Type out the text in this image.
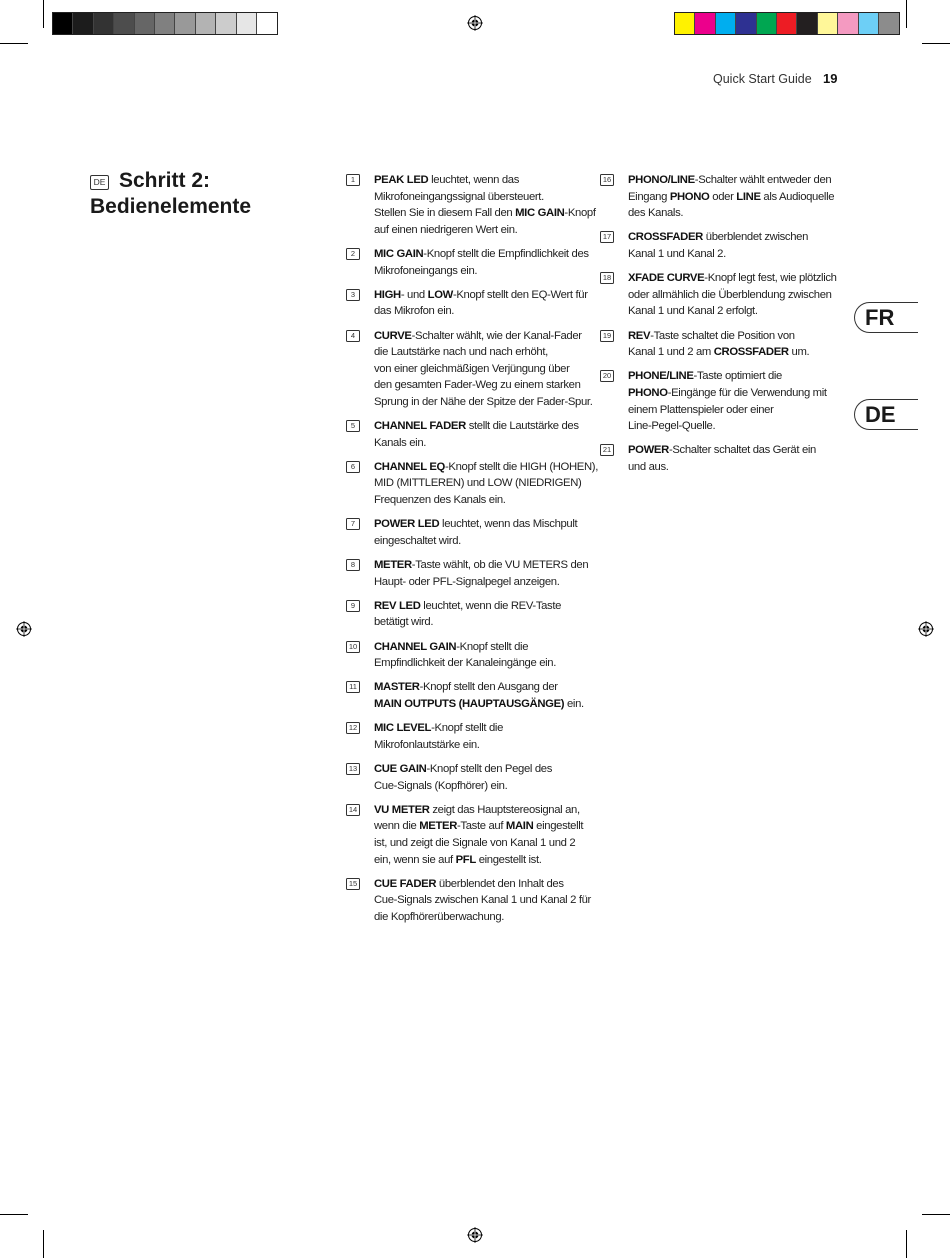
Quick Start Guide 19
DE Schritt 2:
Bedienelemente
1	PEAK LED leuchtet, wenn das
Mikrofoneingangssignal übersteuert.
Stellen Sie in diesem Fall den MIC GAIN-Knopf
auf einen niedrigeren Wert ein.
2	MIC GAIN-Knopf stellt die Empfindlichkeit des
Mikrofoneingangs ein.
3	HIGH- und LOW-Knopf stellt den EQ-Wert für
das Mikrofon ein.
4	CURVE-Schalter wählt, wie der Kanal-Fader
die Lautstärke nach und nach erhöht,
von einer gleichmäßigen Verjüngung über
den gesamten Fader-Weg zu einem starken
Sprung in der Nähe der Spitze der Fader-Spur.
5	CHANNEL FADER stellt die Lautstärke des
Kanals ein.
6	CHANNEL EQ-Knopf stellt die HIGH (HOHEN),
MID (MITTLEREN) und LOW (NIEDRIGEN)
Frequenzen des Kanals ein.
7	POWER LED leuchtet, wenn das Mischpult
eingeschaltet wird.
8	METER-Taste wählt, ob die VU METERS den
Haupt- oder PFL-Signalpegel anzeigen.
9	REV LED leuchtet, wenn die REV-Taste
betätigt wird.
10 CHANNEL GAIN-Knopf stellt die
Empfindlichkeit der Kanaleingänge ein.
11 MASTER-Knopf stellt den Ausgang der
MAIN OUTPUTS (HAUPTAUSGÄNGE) ein.
12 MIC LEVEL-Knopf stellt die
Mikrofonlautstärke ein.
13 CUE GAIN-Knopf stellt den Pegel des
Cue-Signals (Kopfhörer) ein.
14 VU METER zeigt das Hauptstereosignal an,
wenn die METER-Taste auf MAIN eingestellt
ist, und zeigt die Signale von Kanal 1 und 2
ein, wenn sie auf PFL eingestellt ist.
15 CUE FADER überblendet den Inhalt des
Cue-Signals zwischen Kanal 1 und Kanal 2 für
die Kopfhörerüberwachung.
16 PHONO/LINE-Schalter wählt entweder den
Eingang PHONO oder LINE als Audioquelle
des Kanals.
17 CROSSFADER überblendet zwischen
Kanal 1 und Kanal 2.
18 XFADE CURVE-Knopf legt fest, wie plötzlich
oder allmählich die Überblendung zwischen
Kanal 1 und Kanal 2 erfolgt.
19 REV-Taste schaltet die Position von
Kanal 1 und 2 am CROSSFADER um.
20 PHONE/LINE-Taste optimiert die
PHONO-Eingänge für die Verwendung mit
einem Plattenspieler oder einer
Line-Pegel-Quelle.
21 POWER-Schalter schaltet das Gerät ein
und aus.
FR
DE
